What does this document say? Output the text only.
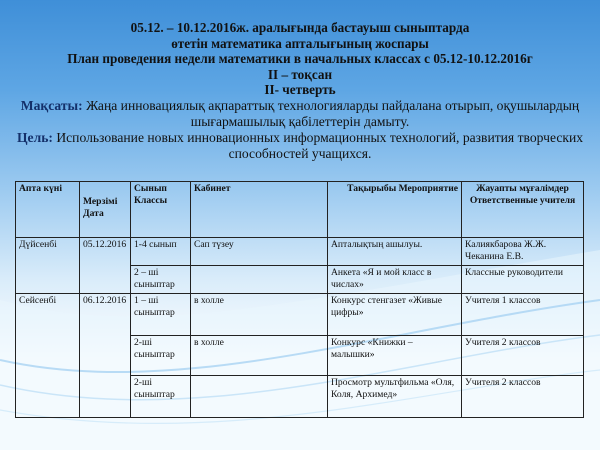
05.12. – 10.12.2016ж. аралығында бастауыш сыныптарда
өтетін математика апталығының жоспары
План проведения недели математики в начальных классах с 05.12-10.12.2016г
II – тоқсан
II- четверть
Мақсаты: Жаңа инновациялық ақпараттық технологияларды пайдалана отырып, оқушылардың шығармашылық қабілеттерін дамыту.
Цель: Использование новых инновационных информационных технологий, развития творческих способностей учащихся.
Апта күні	Мерзімі Дата	Сынып Классы	Кабинет	Тақырыбы Мероприятие	Жауапты мұғалімдер Ответственные учителя
Дүйсенбі	05.12.2016	1-4 сынып	Сап түзеу	Апталықтың ашылуы.	Калиякбарова Ж.Ж. Чеканина Е.В.
		2 – ші сыныптар		Анкета «Я и мой класс в числах»	Классные руководители
Сейсенбі	06.12.2016	1 – ші сыныптар	в холле	Конкурс стенгазет «Живые цифры»	Учителя 1 классов
		2-ші сыныптар	в холле	Конкурс «Книжки – малышки»	Учителя 2 классов
		2-ші сыныптар		Просмотр мультфильма «Оля, Коля, Архимед»	Учителя 2 классов
